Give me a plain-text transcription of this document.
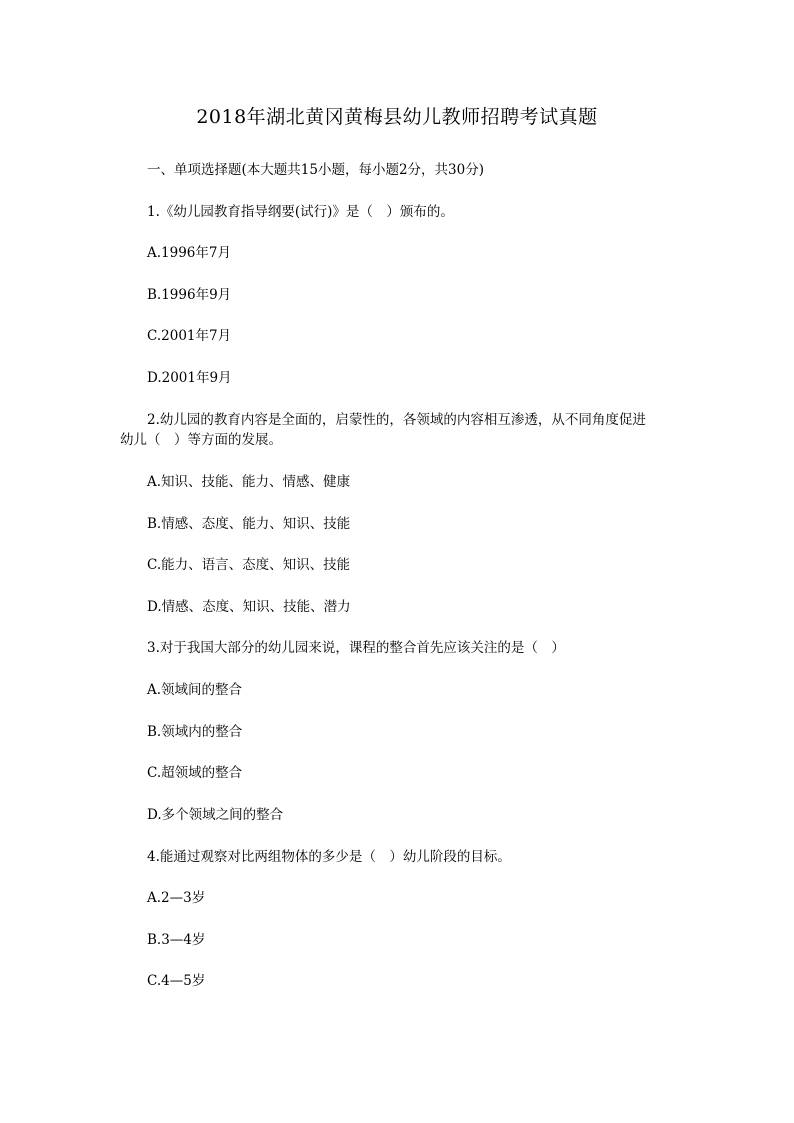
2018年湖北黄冈黄梅县幼儿教师招聘考试真题
一、单项选择题(本大题共15小题，每小题2分，共30分)
1.《幼儿园教育指导纲要(试行)》是（　）颁布的。
A.1996年7月
B.1996年9月
C.2001年7月
D.2001年9月
2.幼儿园的教育内容是全面的，启蒙性的，各领域的内容相互渗透，从不同角度促进
幼儿（　）等方面的发展。
A.知识、技能、能力、情感、健康
B.情感、态度、能力、知识、技能
C.能力、语言、态度、知识、技能
D.情感、态度、知识、技能、潜力
3.对于我国大部分的幼儿园来说，课程的整合首先应该关注的是（　）
A.领域间的整合
B.领域内的整合
C.超领域的整合
D.多个领域之间的整合
4.能通过观察对比两组物体的多少是（　）幼儿阶段的目标。
A.2—3岁
B.3—4岁
C.4—5岁
